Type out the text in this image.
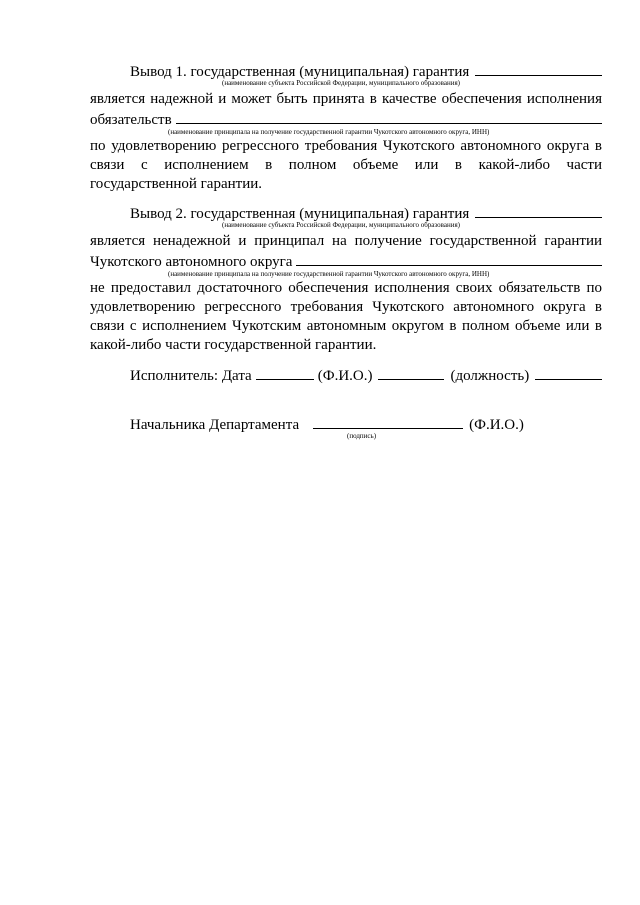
Вывод 1. государственная (муниципальная) гарантия
(наименование субъекта Российской Федерации, муниципального образования)
является надежной и может быть принята в качестве обеспечения исполнения
обязательств
(наименование принципала на получение государственной гарантии Чукотского автономного округа, ИНН)
по удовлетворению регрессного требования Чукотского автономного округа в
связи с исполнением в полном объеме или в какой-либо части
государственной гарантии.
Вывод 2. государственная (муниципальная) гарантия
(наименование субъекта Российской Федерации, муниципального образования)
является ненадежной и принципал на получение государственной гарантии
Чукотского автономного округа
(наименование принципала на получение государственной гарантии Чукотского автономного округа, ИНН)
не предоставил достаточного обеспечения исполнения своих обязательств по
удовлетворению регрессного требования Чукотского автономного округа в
связи с исполнением Чукотским автономным округом в полном объеме или в
какой-либо части государственной гарантии.
Исполнитель: Дата	(Ф.И.О.)	(должность)
Начальника Департамента	(Ф.И.О.)
(подпись)
